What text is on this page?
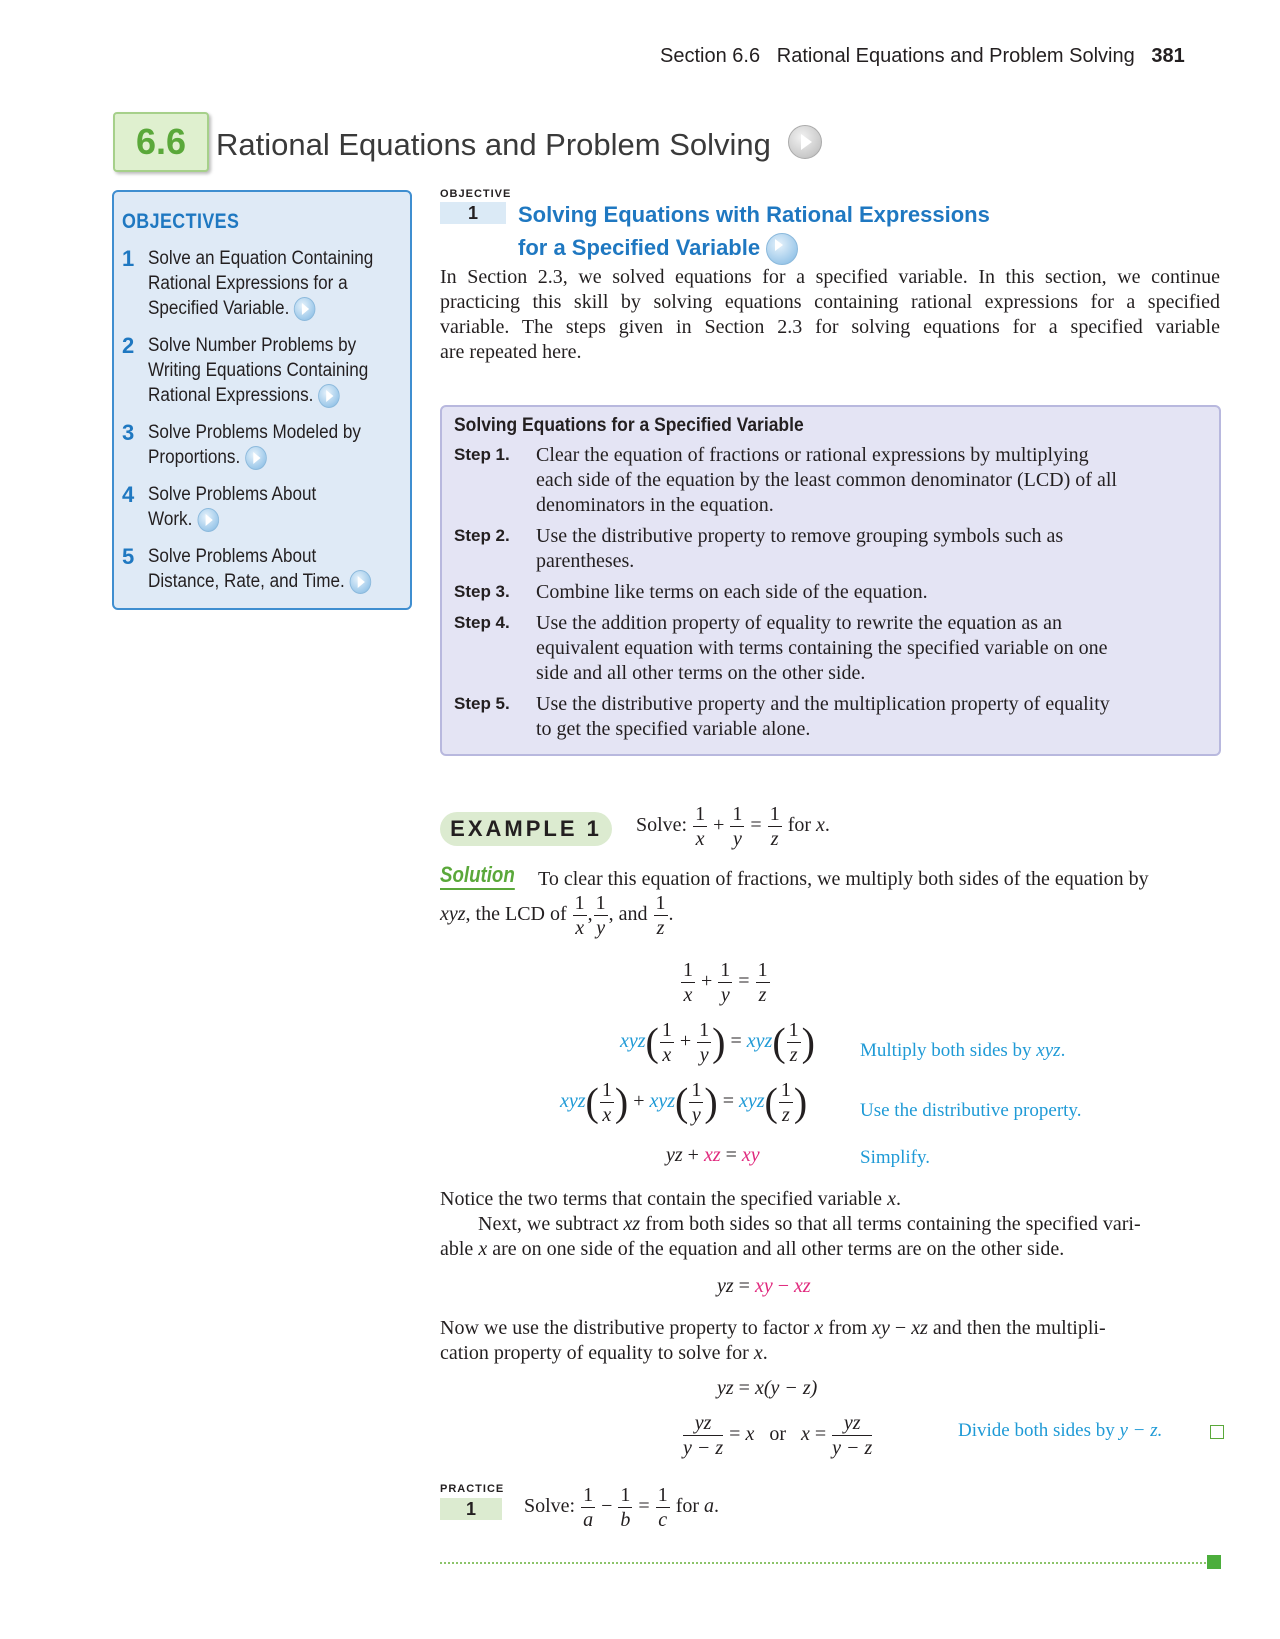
Section 6.6 Rational Equations and Problem Solving 381
6.6 Rational Equations and Problem Solving
OBJECTIVES
1 Solve an Equation Containing
Rational Expressions for a
Specified Variable.
2 Solve Number Problems by
Writing Equations Containing
Rational Expressions.
3 Solve Problems Modeled by
Proportions.
4 Solve Problems About
Work.
5 Solve Problems About
Distance, Rate, and Time.
OBJECTIVE
1	Solving Equations with Rational Expressions
for a Specified Variable
In Section 2.3, we solved equations for a specified variable. In this section, we continue
practicing this skill by solving equations containing rational expressions for a specified
variable. The steps given in Section 2.3 for solving equations for a specified variable
are repeated here.
Solving Equations for a Specified Variable
Step 1.	Clear the equation of fractions or rational expressions by multiplying
each side of the equation by the least common denominator (LCD) of all
denominators in the equation.
Step 2.	Use the distributive property to remove grouping symbols such as
parentheses.
Step 3.	Combine like terms on each side of the equation.
Step 4.	Use the addition property of equality to rewrite the equation as an
equivalent equation with terms containing the specified variable on one
side and all other terms on the other side.
Step 5.	Use the distributive property and the multiplication property of equality
to get the specified variable alone.
EXAMPLE 1	Solve: $\frac{1}{x} + \frac{1}{y} = \frac{1}{z}$ for x.
Solution To clear this equation of fractions, we multiply both sides of the equation by
xyz, the LCD of $\frac{1}{x}$ , $\frac{1}{y}$ , and $\frac{1}{z}$ .
$\frac{1}{x} + \frac{1}{y} = \frac{1}{z}$
$xyz( \frac{1}{x} + \frac{1}{y}$ ) = $xyz( \frac{1}{z}$ ) Multiply both sides by xyz.
$xyz( \frac{1}{x}$ ) + $xyz( \frac{1}{y}$ ) = $xyz( \frac{1}{z}$ )	Use the distributive property.
yz + xz = xy	Simplify.
Notice the two terms that contain the specified variable x.
Next, we subtract xz from both sides so that all terms containing the specified vari-
able x are on one side of the equation and all other terms are on the other side.
yz = xy − xz
Now we use the distributive property to factor x from xy − xz and then the multipli-
cation property of equality to solve for x.
yz = x(y − z)
$\frac{yz}{y - z} = x$ or $x = \frac{yz}{y - z}$	Divide both sides by y − z.
PRACTICE
1	Solve: $\frac{1}{a} - \frac{1}{b} = \frac{1}{c}$ for a.
